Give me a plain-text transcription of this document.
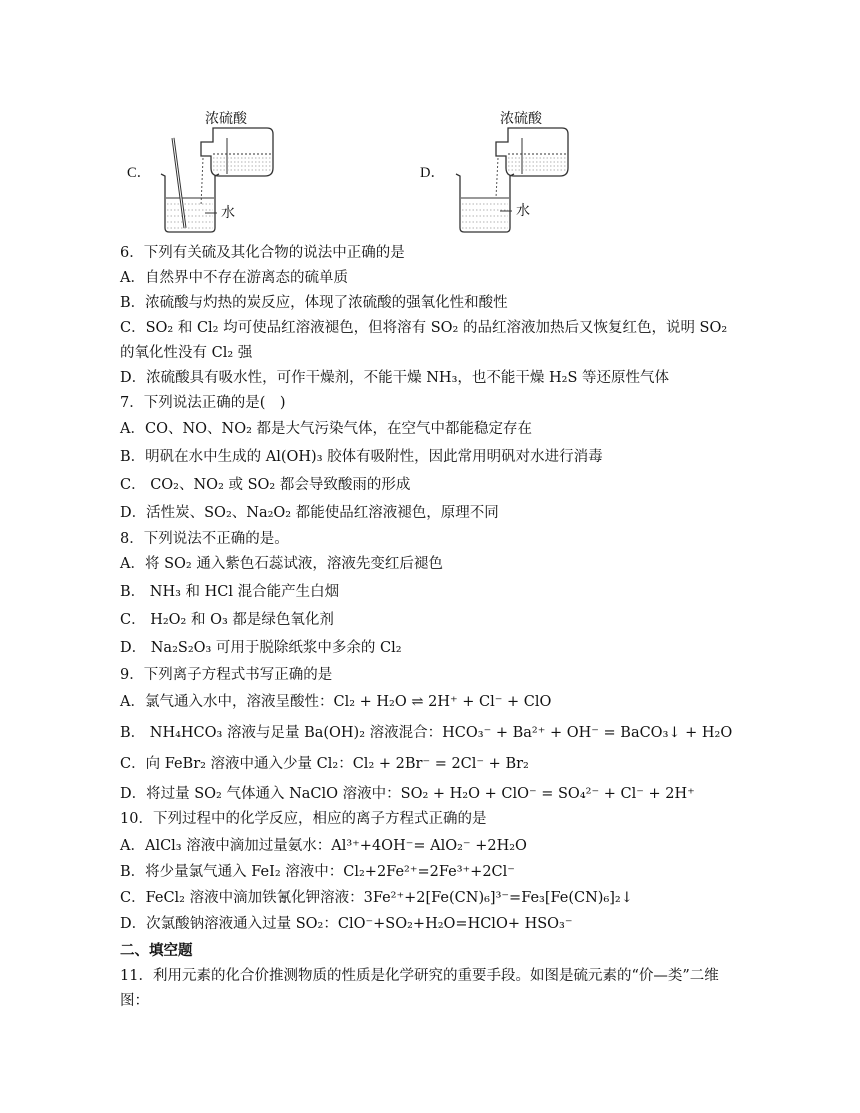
C．	D．
浓硫酸
水
浓硫酸
水
6．下列有关硫及其化合物的说法中正确的是
A．自然界中不存在游离态的硫单质
B．浓硫酸与灼热的炭反应，体现了浓硫酸的强氧化性和酸性
C．SO₂ 和 Cl₂ 均可使品红溶液褪色，但将溶有 SO₂ 的品红溶液加热后又恢复红色，说明 SO₂
的氧化性没有 Cl₂ 强
D．浓硫酸具有吸水性，可作干燥剂，不能干燥 NH₃，也不能干燥 H₂S 等还原性气体
7．下列说法正确的是(　)
A．CO、NO、NO₂ 都是大气污染气体，在空气中都能稳定存在
B．明矾在水中生成的 Al(OH)₃ 胶体有吸附性，因此常用明矾对水进行消毒
C． CO₂、NO₂ 或 SO₂ 都会导致酸雨的形成
D．活性炭、SO₂、Na₂O₂ 都能使品红溶液褪色，原理不同
8．下列说法不正确的是。
A．将 SO₂ 通入紫色石蕊试液，溶液先变红后褪色
B． NH₃ 和 HCl 混合能产生白烟
C． H₂O₂ 和 O₃ 都是绿色氧化剂
D． Na₂S₂O₃ 可用于脱除纸浆中多余的 Cl₂
9．下列离子方程式书写正确的是
A．氯气通入水中，溶液呈酸性：Cl₂ + H₂O ⇌ 2H⁺ + Cl⁻ + ClO
B． NH₄HCO₃ 溶液与足量 Ba(OH)₂ 溶液混合：HCO₃⁻ + Ba²⁺ + OH⁻ = BaCO₃↓ + H₂O
C．向 FeBr₂ 溶液中通入少量 Cl₂：Cl₂ + 2Br⁻ = 2Cl⁻ + Br₂
D．将过量 SO₂ 气体通入 NaClO 溶液中：SO₂ + H₂O + ClO⁻ = SO₄²⁻ + Cl⁻ + 2H⁺
10．下列过程中的化学反应，相应的离子方程式正确的是
A．AlCl₃ 溶液中滴加过量氨水：Al³⁺+4OH⁻= AlO₂⁻ +2H₂O
B．将少量氯气通入 FeI₂ 溶液中：Cl₂+2Fe²⁺=2Fe³⁺+2Cl⁻
C．FeCl₂ 溶液中滴加铁氰化钾溶液：3Fe²⁺+2[Fe(CN)₆]³⁻=Fe₃[Fe(CN)₆]₂↓
D．次氯酸钠溶液通入过量 SO₂：ClO⁻+SO₂+H₂O=HClO+ HSO₃⁻
二、填空题
11．利用元素的化合价推测物质的性质是化学研究的重要手段。如图是硫元素的“价—类”二维
图：
